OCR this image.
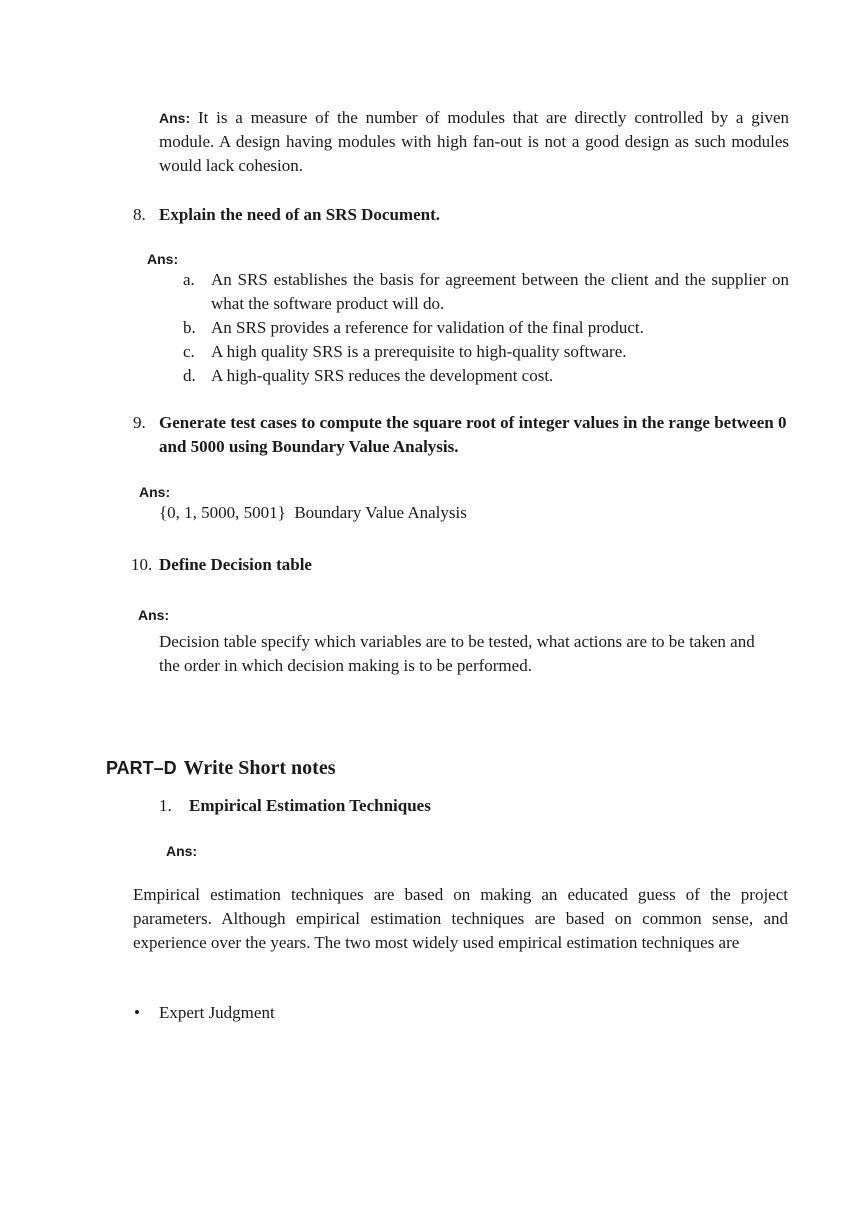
Ans: It is a measure of the number of modules that are directly controlled by a given module. A design having modules with high fan-out is not a good design as such modules would lack cohesion.
8. Explain the need of an SRS Document.
Ans:
a. An SRS establishes the basis for agreement between the client and the supplier on what the software product will do.
b. An SRS provides a reference for validation of the final product.
c. A high quality SRS is a prerequisite to high-quality software.
d. A high-quality SRS reduces the development cost.
9. Generate test cases to compute the square root of integer values in the range between 0 and 5000 using Boundary Value Analysis.
Ans:
{0, 1, 5000, 5001}  Boundary Value Analysis
10. Define Decision table
Ans:
Decision table specify which variables are to be tested, what actions are to be taken and the order in which decision making is to be performed.
PART–D Write Short notes
1. Empirical Estimation Techniques
Ans:
Empirical estimation techniques are based on making an educated guess of the project parameters. Although empirical estimation techniques are based on common sense, and experience over the years. The two most widely used empirical estimation techniques are
• Expert Judgment
